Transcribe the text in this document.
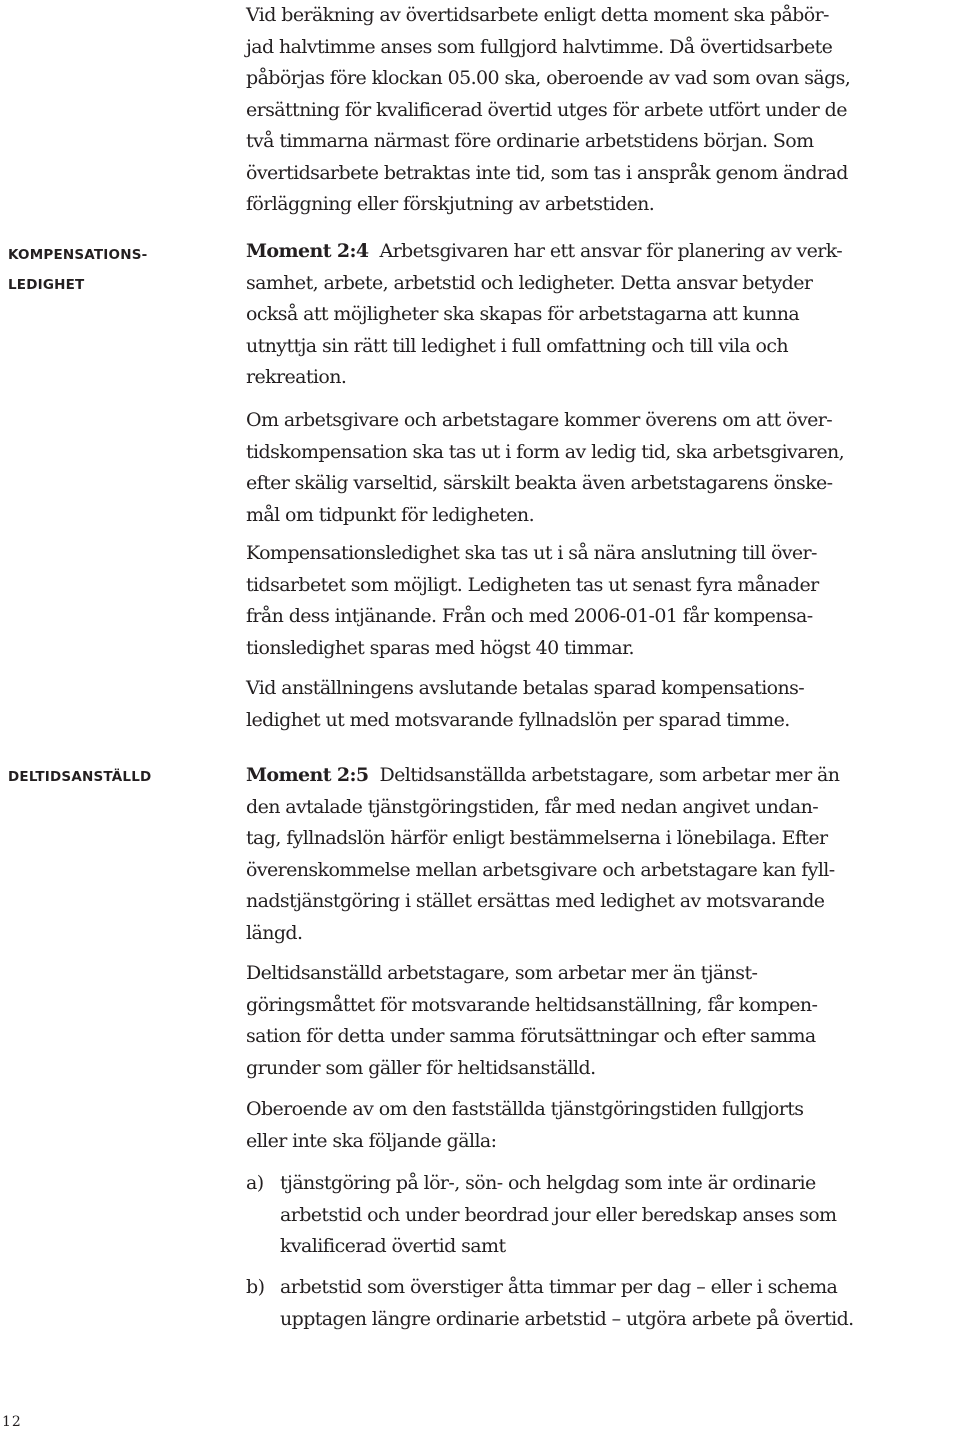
Vid beräkning av övertidsarbete enligt detta moment ska påbör-
jad halvtimme anses som fullgjord halvtimme. Då övertidsarbete
påbörjas före klockan 05.00 ska, oberoende av vad som ovan sägs,
ersättning för kvalificerad övertid utges för arbete utfört under de
två timmarna närmast före ordinarie arbetstidens början. Som
övertidsarbete betraktas inte tid, som tas i anspråk genom ändrad
förläggning eller förskjutning av arbetstiden.

KOMPENSATIONS-
LEDIGHET
DELTIDSANSTÄLLD

Moment 2:4 Arbetsgivaren har ett ansvar för planering av verk-
samhet, arbete, arbetstid och ledigheter. Detta ansvar betyder
också att möjligheter ska skapas för arbetstagarna att kunna
utnyttja sin rätt till ledighet i full omfattning och till vila och
rekreation.

Om arbetsgivare och arbetstagare kommer överens om att över-
tidskompensation ska tas ut i form av ledig tid, ska arbetsgivaren,
efter skälig varseltid, särskilt beakta även arbetstagarens önske-
mål om tidpunkt för ledigheten.

Kompensationsledighet ska tas ut i så nära anslutning till över-
tidsarbetet som möjligt. Ledigheten tas ut senast fyra månader
från dess intjänande. Från och med 2006-01-01 får kompensa-
tionsledighet sparas med högst 40 timmar.

Vid anställningens avslutande betalas sparad kompensations-
ledighet ut med motsvarande fyllnadslön per sparad timme.

Moment 2:5 Deltidsanställda arbetstagare, som arbetar mer än
den avtalade tjänstgöringstiden, får med nedan angivet undan-
tag, fyllnadslön härför enligt bestämmelserna i lönebilaga. Efter
överenskommelse mellan arbetsgivare och arbetstagare kan fyll-
nadstjänstgöring i stället ersättas med ledighet av motsvarande
längd.

Deltidsanställd arbetstagare, som arbetar mer än tjänst-
göringsmåttet för motsvarande heltidsanställning, får kompen-
sation för detta under samma förutsättningar och efter samma
grunder som gäller för heltidsanställd.

Oberoende av om den fastställda tjänstgöringstiden fullgjorts
eller inte ska följande gälla:

a) tjänstgöring på lör-, sön- och helgdag som inte är ordinarie
arbetstid och under beordrad jour eller beredskap anses som
kvalificerad övertid samt
b) arbetstid som överstiger åtta timmar per dag – eller i schema
upptagen längre ordinarie arbetstid – utgöra arbete på övertid.
12
